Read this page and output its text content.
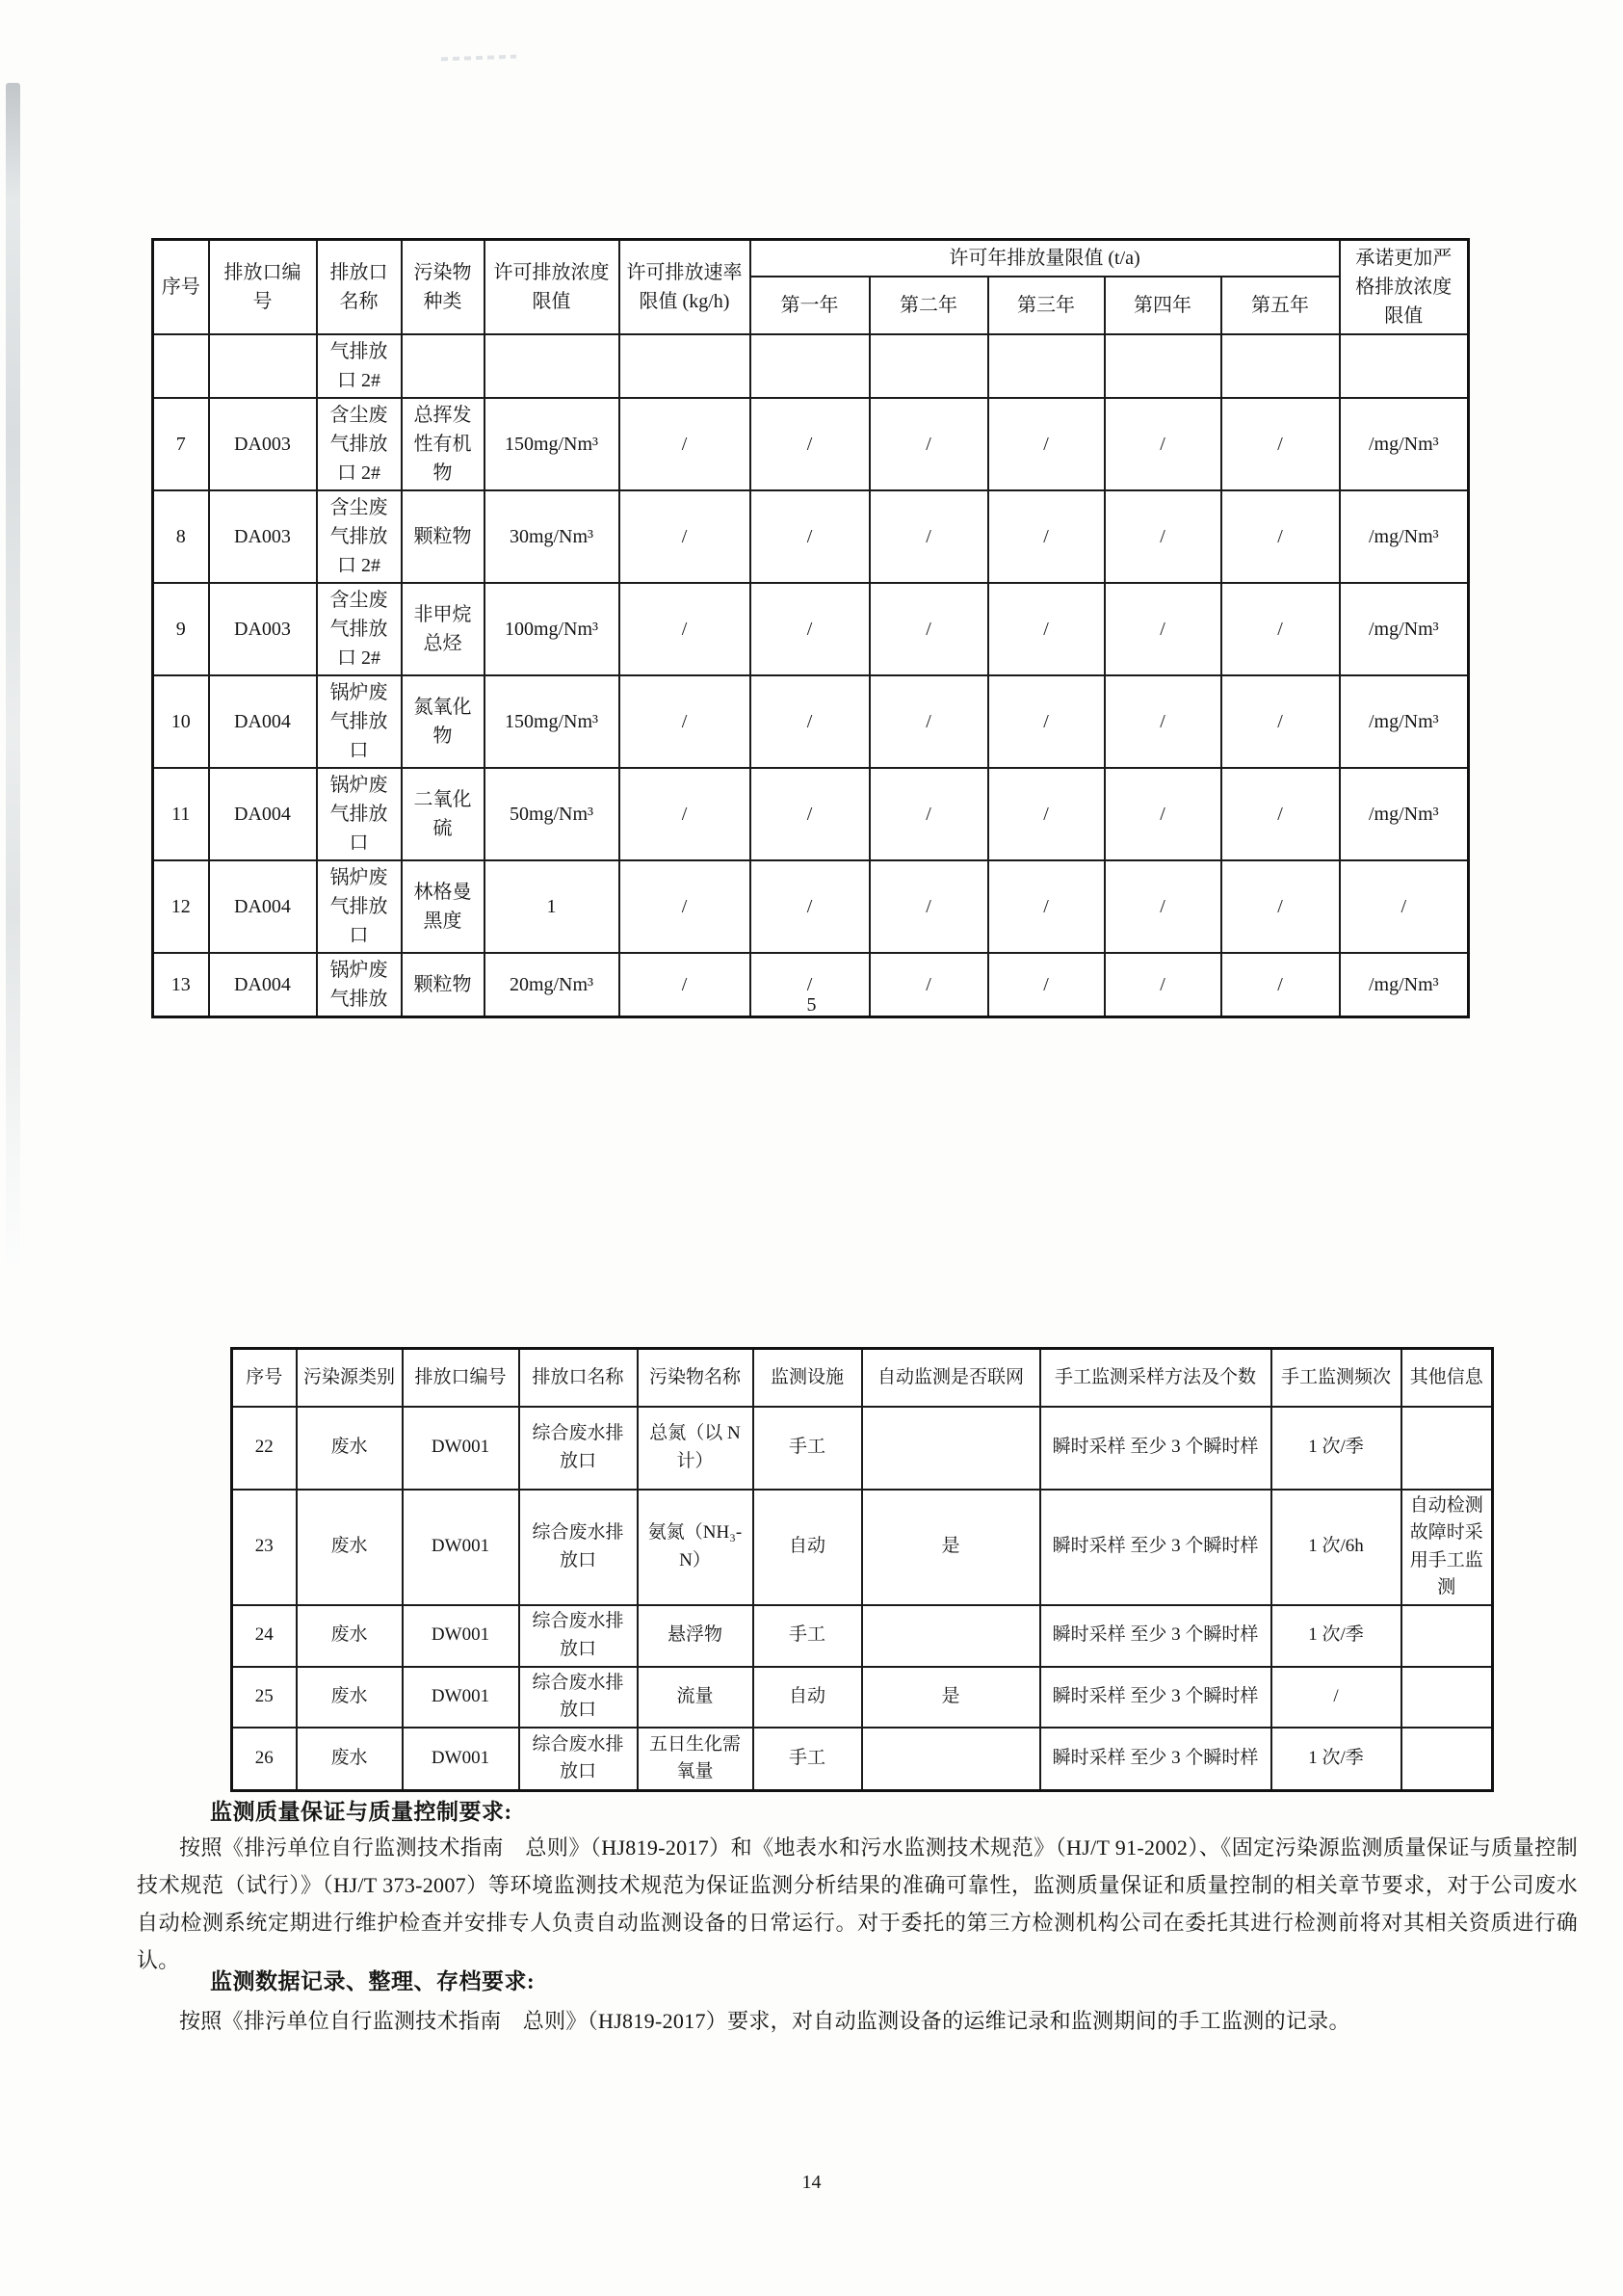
序号	排放口编号	排放口名称	污染物种类	许可排放浓度限值	许可排放速率限值 (kg/h)	许可年排放量限值 (t/a)					承诺更加严格排放浓度限值
						第一年	第二年	第三年	第四年	第五年	
		气排放口 2#									
7	DA003	含尘废气排放口 2#	总挥发性有机物	150mg/Nm³	/	/	/	/	/	/	/mg/Nm³
8	DA003	含尘废气排放口 2#	颗粒物	30mg/Nm³	/	/	/	/	/	/	/mg/Nm³
9	DA003	含尘废气排放口 2#	非甲烷总烃	100mg/Nm³	/	/	/	/	/	/	/mg/Nm³
10	DA004	锅炉废气排放口	氮氧化物	150mg/Nm³	/	/	/	/	/	/	/mg/Nm³
11	DA004	锅炉废气排放口	二氧化硫	50mg/Nm³	/	/	/	/	/	/	/mg/Nm³
12	DA004	锅炉废气排放口	林格曼黑度	1	/	/	/	/	/	/	/
13	DA004	锅炉废气排放	颗粒物	20mg/Nm³	/	/	/	/	/	/	/mg/Nm³
5
序号	污染源类别	排放口编号	排放口名称	污染物名称	监测设施	自动监测是否联网	手工监测采样方法及个数	手工监测频次	其他信息
22	废水	DW001	综合废水排放口	总氮（以 N 计）	手工		瞬时采样 至少 3 个瞬时样	1 次/季	
23	废水	DW001	综合废水排放口	氨氮（NH₃-N）	自动	是	瞬时采样 至少 3 个瞬时样	1 次/6h	自动检测故障时采用手工监测
24	废水	DW001	综合废水排放口	悬浮物	手工		瞬时采样 至少 3 个瞬时样	1 次/季	
25	废水	DW001	综合废水排放口	流量	自动	是	瞬时采样 至少 3 个瞬时样	/	
26	废水	DW001	综合废水排放口	五日生化需氧量	手工		瞬时采样 至少 3 个瞬时样	1 次/季	
监测质量保证与质量控制要求:
按照《排污单位自行监测技术指南　总则》（HJ819-2017）和《地表水和污水监测技术规范》（HJ/T 91-2002）、《固定污染源监测质量保证与质量控制技术规范（试行）》（HJ/T 373-2007）等环境监测技术规范为保证监测分析结果的准确可靠性，监测质量保证和质量控制的相关章节要求，对于公司废水自动检测系统定期进行维护检查并安排专人负责自动监测设备的日常运行。对于委托的第三方检测机构公司在委托其进行检测前将对其相关资质进行确认。
监测数据记录、整理、存档要求:
按照《排污单位自行监测技术指南　总则》（HJ819-2017）要求，对自动监测设备的运维记录和监测期间的手工监测的记录。
14
